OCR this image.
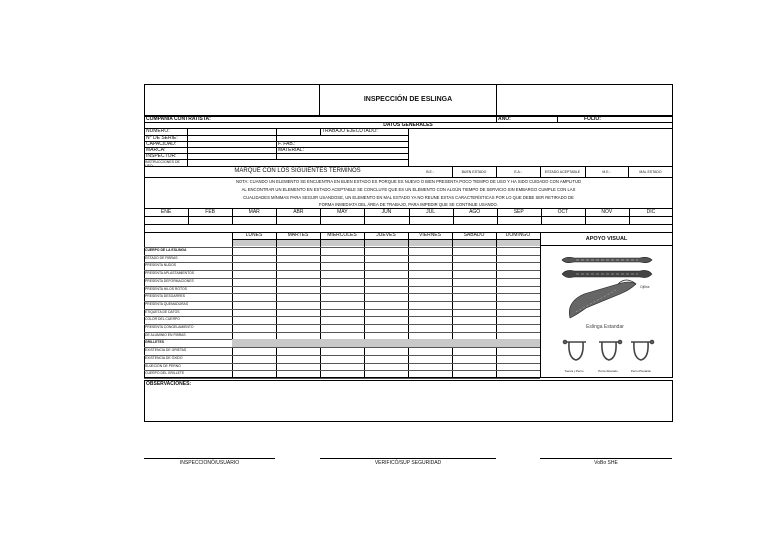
INSPECCIÓN DE ESLINGA
COMPAÑÍA CONTRATISTA:	AÑO:	FOLIO:
DATOS GENERALES
NUMERO:
N° DE SERIE:
CAPACIDAD:
MARCA:
INSPECTOR:
INSTRUCCIONES DE USO:
TRABAJO EJECUTADO:
F. FAB.:
MATERIAL:
MARQUE CON LOS SIGUIENTES TÉRMINOS	B.E.:	BUEN ESTADO	E.A.:	ESTADO ACEPTABLE	M.E.:	MAL ESTADO
NOTA: CUANDO UN ELEMENTO SE ENCUENTRA EN BUEN ESTADO ES PORQUE ES NUEVO O BIEN PRESENTA POCO TIEMPO DE USO Y HA SIDO CUIDADO CON AMPLITUD
AL ENCONTRAR UN ELEMENTO EN ESTADO ACEPTABLE SE CONCLUYE QUE ES UN ELEMENTO CON ALGÚN TIEMPO DE SERVICIO SIN EMBARGO CUMPLE CON LAS
CUALIDADES MÍNIMAS PARA SEGUIR USANDOSE, UN ELEMENTO EN MAL ESTADO YA NO REUNE ESTAS CARACTERÍSTICAS POR LO QUE DEBE SER RETIRADO DE
FORMA INMEDIATA DEL ÁREA DE TRABAJO, PARA IMPEDIR QUE SE CONTINUE USANDO.
ENE	FEB	MAR	ABR	MAY	JUN	JUL	AGO	SEP	OCT	NOV	DIC
LUNES	MARTES	MIERCOLES	JUEVES	VIERNES	SABADO	DOMINGO
CUERPO DE LA ESLINGA
ESTADO DE FIBRAS
PRESENTA NUDOS
PRESENTA APLASTAMIENTOS
PRESENTA DEFORMACIONES
PRESENTA HILOS ROTOS
PRESENTA DESGARRES
PRESENTA QUEMADURAS
ETIQUETA DE DATOS
COLOR DEL CUERPO
PRESENTA CONGELAMIENTO
DE ALUMINIO EN FIBRAS
GRILLETES
EXISTENCIA DE GRIETAS
EXISTENCIA DE ÓXIDO
SUJECIÓN DE PERNO
CUERPO DEL GRILLETE
APOYO VISUAL
Ojillos
Eslinga Estandar
Tuerca y Perno	Perno Roscado	Perno Pivotante
OBSERVACIONES:
INSPECCIONÓ/USUARIO	VERIFICÓ/SUP SEGURIDAD	VoBo SHE
